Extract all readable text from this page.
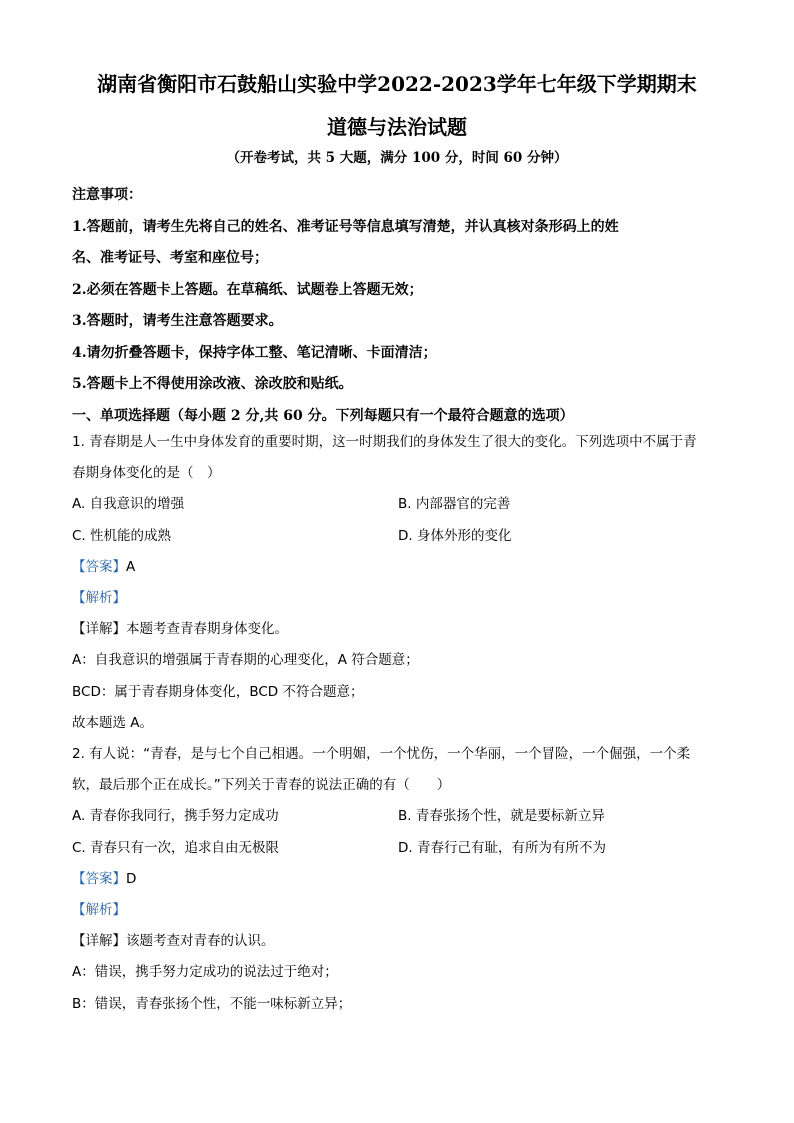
湖南省衡阳市石鼓船山实验中学2022-2023学年七年级下学期期末
道德与法治试题
（开卷考试，共 5 大题，满分 100 分，时间 60 分钟）

注意事项：

1.答题前，请考生先将自己的姓名、准考证号等信息填写清楚，并认真核对条形码上的姓

名、准考证号、考室和座位号；

2.必须在答题卡上答题。在草稿纸、试题卷上答题无效；

3.答题时，请考生注意答题要求。

4.请勿折叠答题卡，保持字体工整、笔记清晰、卡面清洁；

5.答题卡上不得使用涂改液、涂改胶和贴纸。

一、单项选择题（每小题 2 分,共 60 分。下列每题只有一个最符合题意的选项）

1. 青春期是人一生中身体发育的重要时期，这一时期我们的身体发生了很大的变化。下列选项中不属于青

春期身体变化的是（　）

A. 自我意识的增强	B. 内部器官的完善

C. 性机能的成熟	D. 身体外形的变化

【答案】A

【解析】

【详解】本题考查青春期身体变化。

A：自我意识的增强属于青春期的心理变化，A 符合题意；

BCD：属于青春期身体变化，BCD 不符合题意；

故本题选 A。

2. 有人说：“青春，是与七个自己相遇。一个明媚，一个忧伤，一个华丽，一个冒险，一个倔强，一个柔

软，最后那个正在成长。”下列关于青春的说法正确的有（　　）

A. 青春你我同行，携手努力定成功	B. 青春张扬个性，就是要标新立异

C. 青春只有一次，追求自由无极限	D. 青春行己有耻，有所为有所不为

【答案】D

【解析】

【详解】该题考查对青春的认识。

A：错误，携手努力定成功的说法过于绝对；

B：错误，青春张扬个性，不能一味标新立异；
